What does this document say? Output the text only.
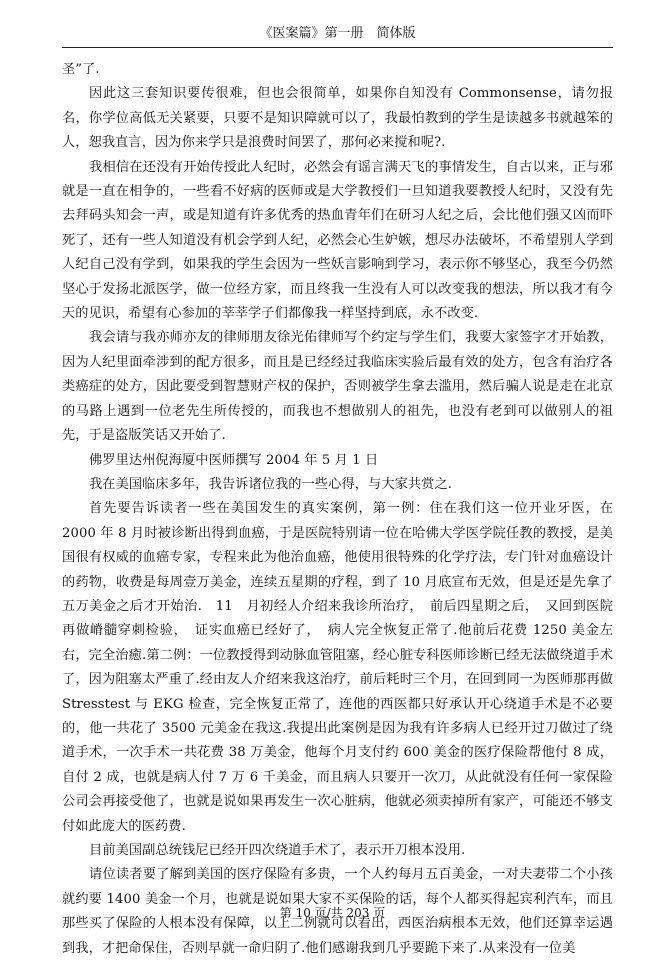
《医案篇》第一册　简体版

圣”了.

因此这三套知识要传很难，但也会很简单，如果你自知没有 Commonsense，请勿报名，你学位高低无关紧要，只要不是知识障就可以了，我最怕教到的学生是读越多书就越笨的人，恕我直言，因为你来学只是浪费时间罢了，那何必来搅和呢?.

我相信在还没有开始传授此人纪时，必然会有谣言满天飞的事情发生，自古以来，正与邪就是一直在相争的，一些看不好病的医师或是大学教授们一旦知道我要教授人纪时，又没有先去拜码头知会一声，或是知道有许多优秀的热血青年们在研习人纪之后，会比他们强又凶而吓死了，还有一些人知道没有机会学到人纪，必然会心生妒嫉，想尽办法破坏，不希望别人学到人纪自己没有学到，如果我的学生会因为一些妖言影响到学习，表示你不够坚心，我至今仍然坚心于发扬北派医学，做一位经方家，而且终我一生没有人可以改变我的想法，所以我才有今天的见识，希望有心参加的莘莘学子们都像我一样坚持到底，永不改变.

我会请与我亦师亦友的律师朋友徐光佑律师写个约定与学生们，我要大家签字才开始教，因为人纪里面牵涉到的配方很多，而且是已经经过我临床实验后最有效的处方，包含有治疗各类癌症的处方，因此要受到智慧财产权的保护，否则被学生拿去滥用，然后骗人说是走在北京的马路上遇到一位老先生所传授的，而我也不想做别人的祖先，也没有老到可以做别人的祖先，于是盗版笑话又开始了.

佛罗里达州倪海厦中医师撰写 2004 年 5 月 1 日

我在美国临床多年，我告诉诸位我的一些心得，与大家共赏之.

首先要告诉读者一些在美国发生的真实案例，第一例：住在我们这一位开业牙医，在 2000 年 8 月时被诊断出得到血癌，于是医院特别请一位在哈佛大学医学院任教的教授，是美国很有权威的血癌专家，专程来此为他治血癌，他使用很特殊的化学疗法，专门针对血癌设计的药物，收费是每周壹万美金，连续五星期的疗程，到了 10 月底宣布无效，但是还是先拿了五万美金之后才开始治.　11　月初经人介绍来我诊所治疗，　前后四星期之后，　又回到医院再做嵴髓穿刺检验，　证实血癌已经好了，　病人完全恢复正常了.他前后花费 1250 美金左右，完全治癒.第二例：一位教授得到动脉血管阻塞，经心脏专科医师诊断已经无法做绕道手术了，因为阻塞太严重了.经由友人介绍来我这治疗，前后耗时三个月，在回到同一为医师那再做 Stresstest 与 EKG 检查，完全恢复正常了，连他的西医都只好承认开心绕道手术是不必要的，他一共花了 3500 元美金在我这.我提出此案例是因为我有许多病人已经开过刀做过了绕道手术，一次手术一共花费 38 万美金，他每个月支付约 600 美金的医疗保险帮他付 8 成，自付 2 成，也就是病人付 7 万 6 千美金，而且病人只要开一次刀，从此就没有任何一家保险公司会再接受他了，也就是说如果再发生一次心脏病，他就必须卖掉所有家产，可能还不够支付如此庞大的医药费.

目前美国副总统钱尼已经开四次绕道手术了，表示开刀根本没用.

请位读者要了解到美国的医疗保险有多贵，一个人约每月五百美金，一对夫妻带二个小孩就约要 1400 美金一个月，也就是说如果大家不买保险的话，每个人都买得起宾利汽车，而且那些买了保险的人根本没有保障，以上二例就可以看出，西医治病根本无效，他们还算幸运遇到我，才把命保住，否则早就一命归阴了.他们感谢我到几乎要跪下来了.从来没有一位美

第 10 页/共 203 页
